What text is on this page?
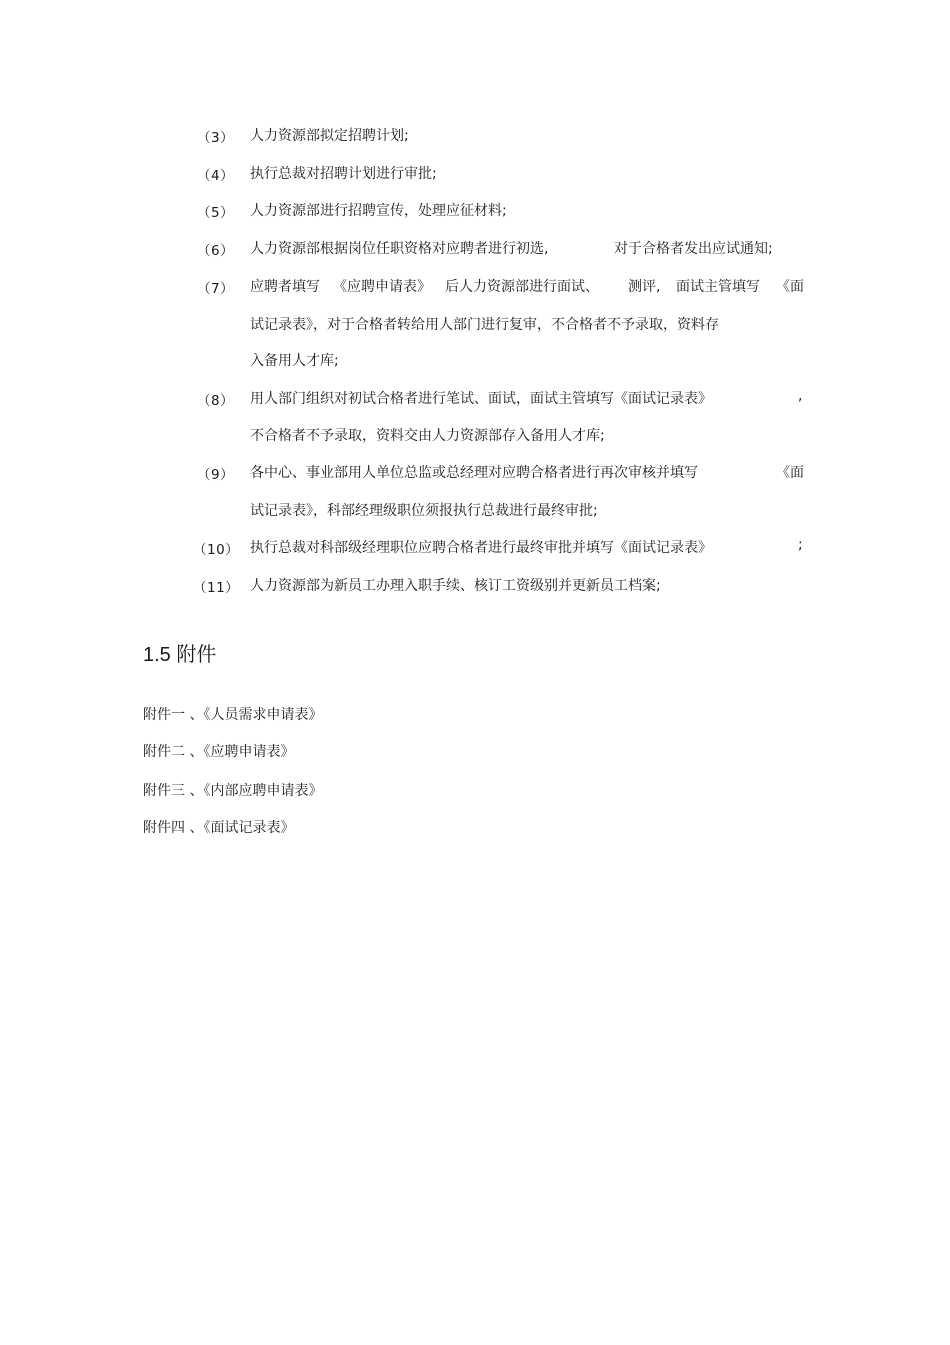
（3） 人力资源部拟定招聘计划;
（4） 执行总裁对招聘计划进行审批;
（5） 人力资源部进行招聘宣传，处理应征材料;
（6） 人力资源部根据岗位任职资格对应聘者进行初选,	对于合格者发出应试通知;
（7） 应聘者填写 《应聘申请表》 后人力资源部进行面试、 测评, 面试主管填写 《面
试记录表》，对于合格者转给用人部门进行复审，不合格者不予录取，资料存
入备用人才库;
（8） 用人部门组织对初试合格者进行笔试、面试，面试主管填写《面试记录表》	,
不合格者不予录取，资料交由人力资源部存入备用人才库;
（9） 各中心、事业部用人单位总监或总经理对应聘合格者进行再次审核并填写	《面
试记录表》，科部经理级职位须报执行总裁进行最终审批;
（10） 执行总裁对科部级经理职位应聘合格者进行最终审批并填写《面试记录表》	;
（11） 人力资源部为新员工办理入职手续、核订工资级别并更新员工档案;
1.5 附件
附件一 、《人员需求申请表》
附件二 、《应聘申请表》
附件三 、《内部应聘申请表》
附件四 、《面试记录表》
